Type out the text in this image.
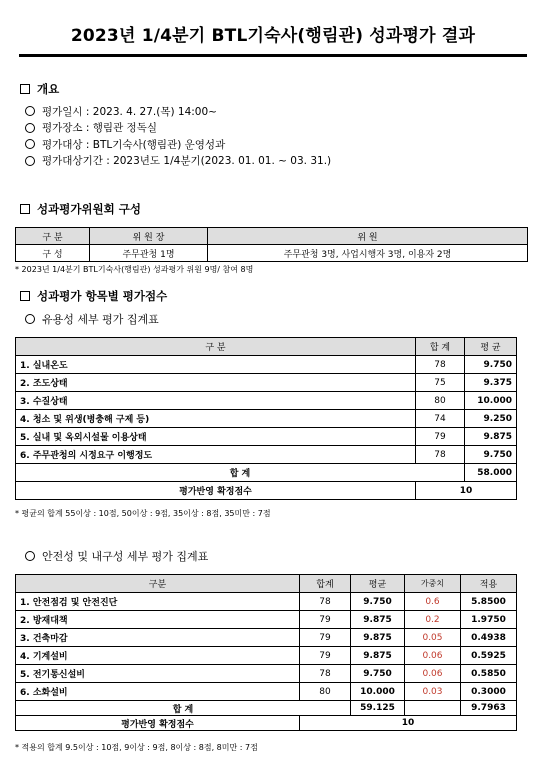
2023년 1/4분기 BTL기숙사(행림관) 성과평가 결과
개요
평가일시 : 2023. 4. 27.(목) 14:00~
평가장소 : 행림관 정독실
평가대상 : BTL기숙사(행림관) 운영성과
평가대상기간 : 2023년도 1/4분기(2023. 01. 01. ~ 03. 31.)
성과평가위원회 구성
구 분	위 원 장	위 원
구 성	주무관청 1명	주무관청 3명, 사업시행자 3명, 이용자 2명
* 2023년 1/4분기 BTL기숙사(행림관) 성과평가 위원 9명/ 참여 8명
성과평가 항목별 평가점수
유용성 세부 평가 집계표
구 분	합 계	평 균
1. 실내온도	78	9.750
2. 조도상태	75	9.375
3. 수질상태	80	10.000
4. 청소 및 위생(병충해 구제 등)	74	9.250
5. 실내 및 옥외시설물 이용상태	79	9.875
6. 주무관청의 시정요구 이행정도	78	9.750
합 계		58.000
평가반영 확정점수	10	
* 평균의 합계 55이상 : 10점, 50이상 : 9점, 35이상 : 8점, 35미만 : 7점
안전성 및 내구성 세부 평가 집계표
구분	합계	평균	가중치	적용
1. 안전점검 및 안전진단	78	9.750	0.6	5.8500
2. 방재대책	79	9.875	0.2	1.9750
3. 건축마감	79	9.875	0.05	0.4938
4. 기계설비	79	9.875	0.06	0.5925
5. 전기통신설비	78	9.750	0.06	0.5850
6. 소화설비	80	10.000	0.03	0.3000
합 계		59.125		9.7963
평가반영 확정점수	10			
* 적용의 합계 9.5이상 : 10점, 9이상 : 9점, 8이상 : 8점, 8미만 : 7점
